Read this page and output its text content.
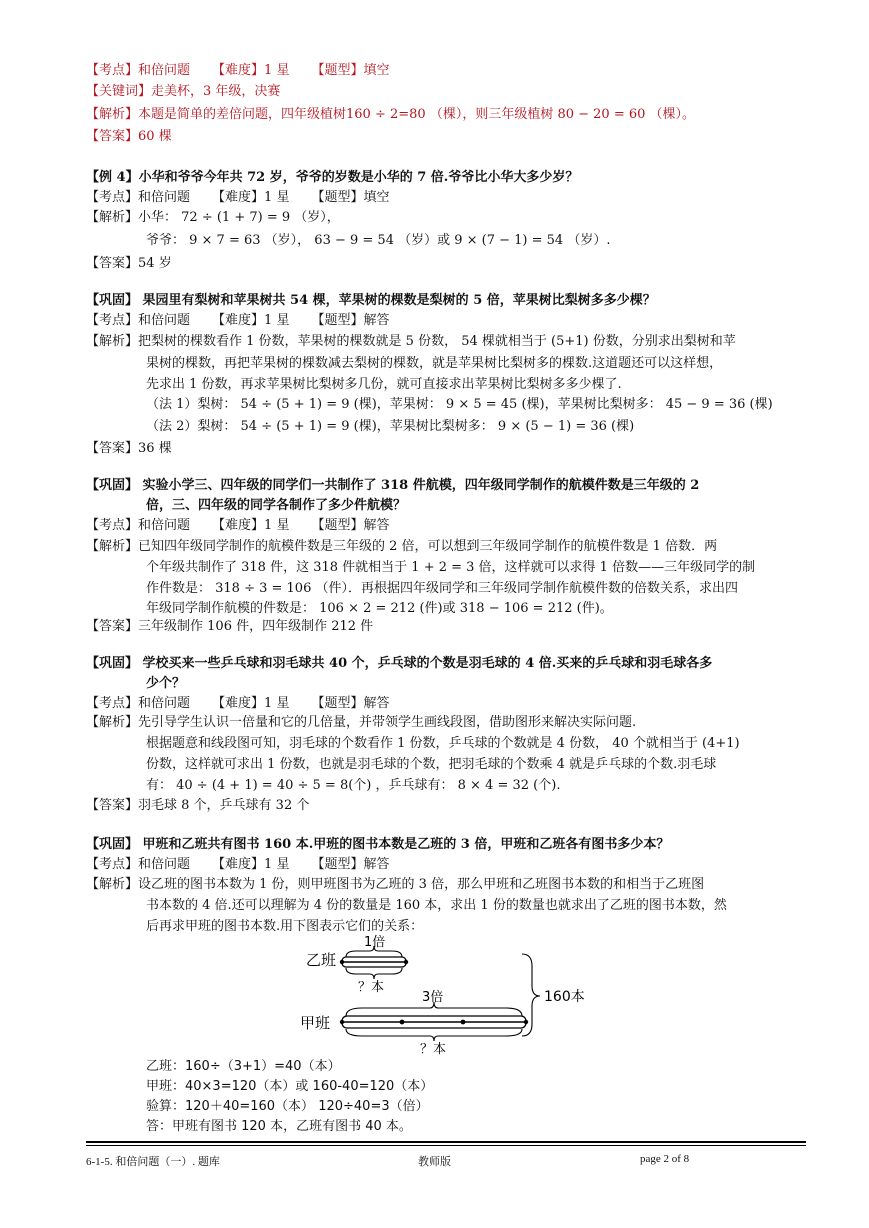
【考点】和倍问题 【难度】1 星 【题型】填空
【关键词】走美杯，3 年级，决赛
【解析】本题是简单的差倍问题，四年级植树160 ÷ 2=80 （棵），则三年级植树 80 − 20 = 60 （棵）。
【答案】60 棵
【例 4】小华和爷爷今年共 72 岁，爷爷的岁数是小华的 7 倍.爷爷比小华大多少岁？
【考点】和倍问题 【难度】1 星 【题型】填空
【解析】小华： 72 ÷ (1 + 7) = 9 （岁），
爷爷： 9 × 7 = 63 （岁）， 63 − 9 = 54 （岁）或 9 × (7 − 1) = 54 （岁）.
【答案】54 岁
【巩固】 果园里有梨树和苹果树共 54 棵，苹果树的棵数是梨树的 5 倍，苹果树比梨树多多少棵？
【考点】和倍问题 【难度】1 星 【题型】解答
【解析】把梨树的棵数看作 1 份数，苹果树的棵数就是 5 份数， 54 棵就相当于 (5+1) 份数，分别求出梨树和苹
果树的棵数，再把苹果树的棵数减去梨树的棵数，就是苹果树比梨树多的棵数.这道题还可以这样想，
先求出 1 份数，再求苹果树比梨树多几份，就可直接求出苹果树比梨树多多少棵了.
（法 1）梨树： 54 ÷ (5 + 1) = 9 (棵)，苹果树： 9 × 5 = 45 (棵)，苹果树比梨树多： 45 − 9 = 36 (棵)
（法 2）梨树： 54 ÷ (5 + 1) = 9 (棵)，苹果树比梨树多： 9 × (5 − 1) = 36 (棵)
【答案】36 棵
【巩固】 实验小学三、四年级的同学们一共制作了 318 件航模，四年级同学制作的航模件数是三年级的 2
倍，三、四年级的同学各制作了多少件航模？
【考点】和倍问题 【难度】1 星 【题型】解答
【解析】已知四年级同学制作的航模件数是三年级的 2 倍，可以想到三年级同学制作的航模件数是 1 倍数．两
个年级共制作了 318 件，这 318 件就相当于 1 + 2 = 3 倍，这样就可以求得 1 倍数——三年级同学的制
作件数是： 318 ÷ 3 = 106 （件）．再根据四年级同学和三年级同学制作航模件数的倍数关系，求出四
年级同学制作航模的件数是： 106 × 2 = 212 (件)或 318 − 106 = 212 (件)。
【答案】三年级制作 106 件，四年级制作 212 件
【巩固】 学校买来一些乒乓球和羽毛球共 40 个，乒乓球的个数是羽毛球的 4 倍.买来的乒乓球和羽毛球各多
少个？
【考点】和倍问题 【难度】1 星 【题型】解答
【解析】先引导学生认识一倍量和它的几倍量，并带领学生画线段图，借助图形来解决实际问题.
根据题意和线段图可知，羽毛球的个数看作 1 份数，乒乓球的个数就是 4 份数， 40 个就相当于 (4+1)
份数，这样就可求出 1 份数，也就是羽毛球的个数，把羽毛球的个数乘 4 就是乒乓球的个数.羽毛球
有： 40 ÷ (4 + 1) = 40 ÷ 5 = 8(个) ，乒乓球有： 8 × 4 = 32 (个).
【答案】羽毛球 8 个，乒乓球有 32 个
【巩固】 甲班和乙班共有图书 160 本.甲班的图书本数是乙班的 3 倍，甲班和乙班各有图书多少本？
【考点】和倍问题 【难度】1 星 【题型】解答
【解析】设乙班的图书本数为 1 份，则甲班图书为乙班的 3 倍，那么甲班和乙班图书本数的和相当于乙班图
书本数的 4 倍.还可以理解为 4 份的数量是 160 本，求出 1 份的数量也就求出了乙班的图书本数，然
后再求甲班的图书本数.用下图表示它们的关系：
乙班
1倍
？本
甲班
3倍
？本
160本
乙班：160÷（3+1）=40（本）
甲班：40×3=120（本）或 160-40=120（本）
验算：120＋40=160（本） 120÷40=3（倍）
答：甲班有图书 120 本，乙班有图书 40 本。
6-1-5. 和倍问题（一）. 题库	教师版	page 2 of 8
